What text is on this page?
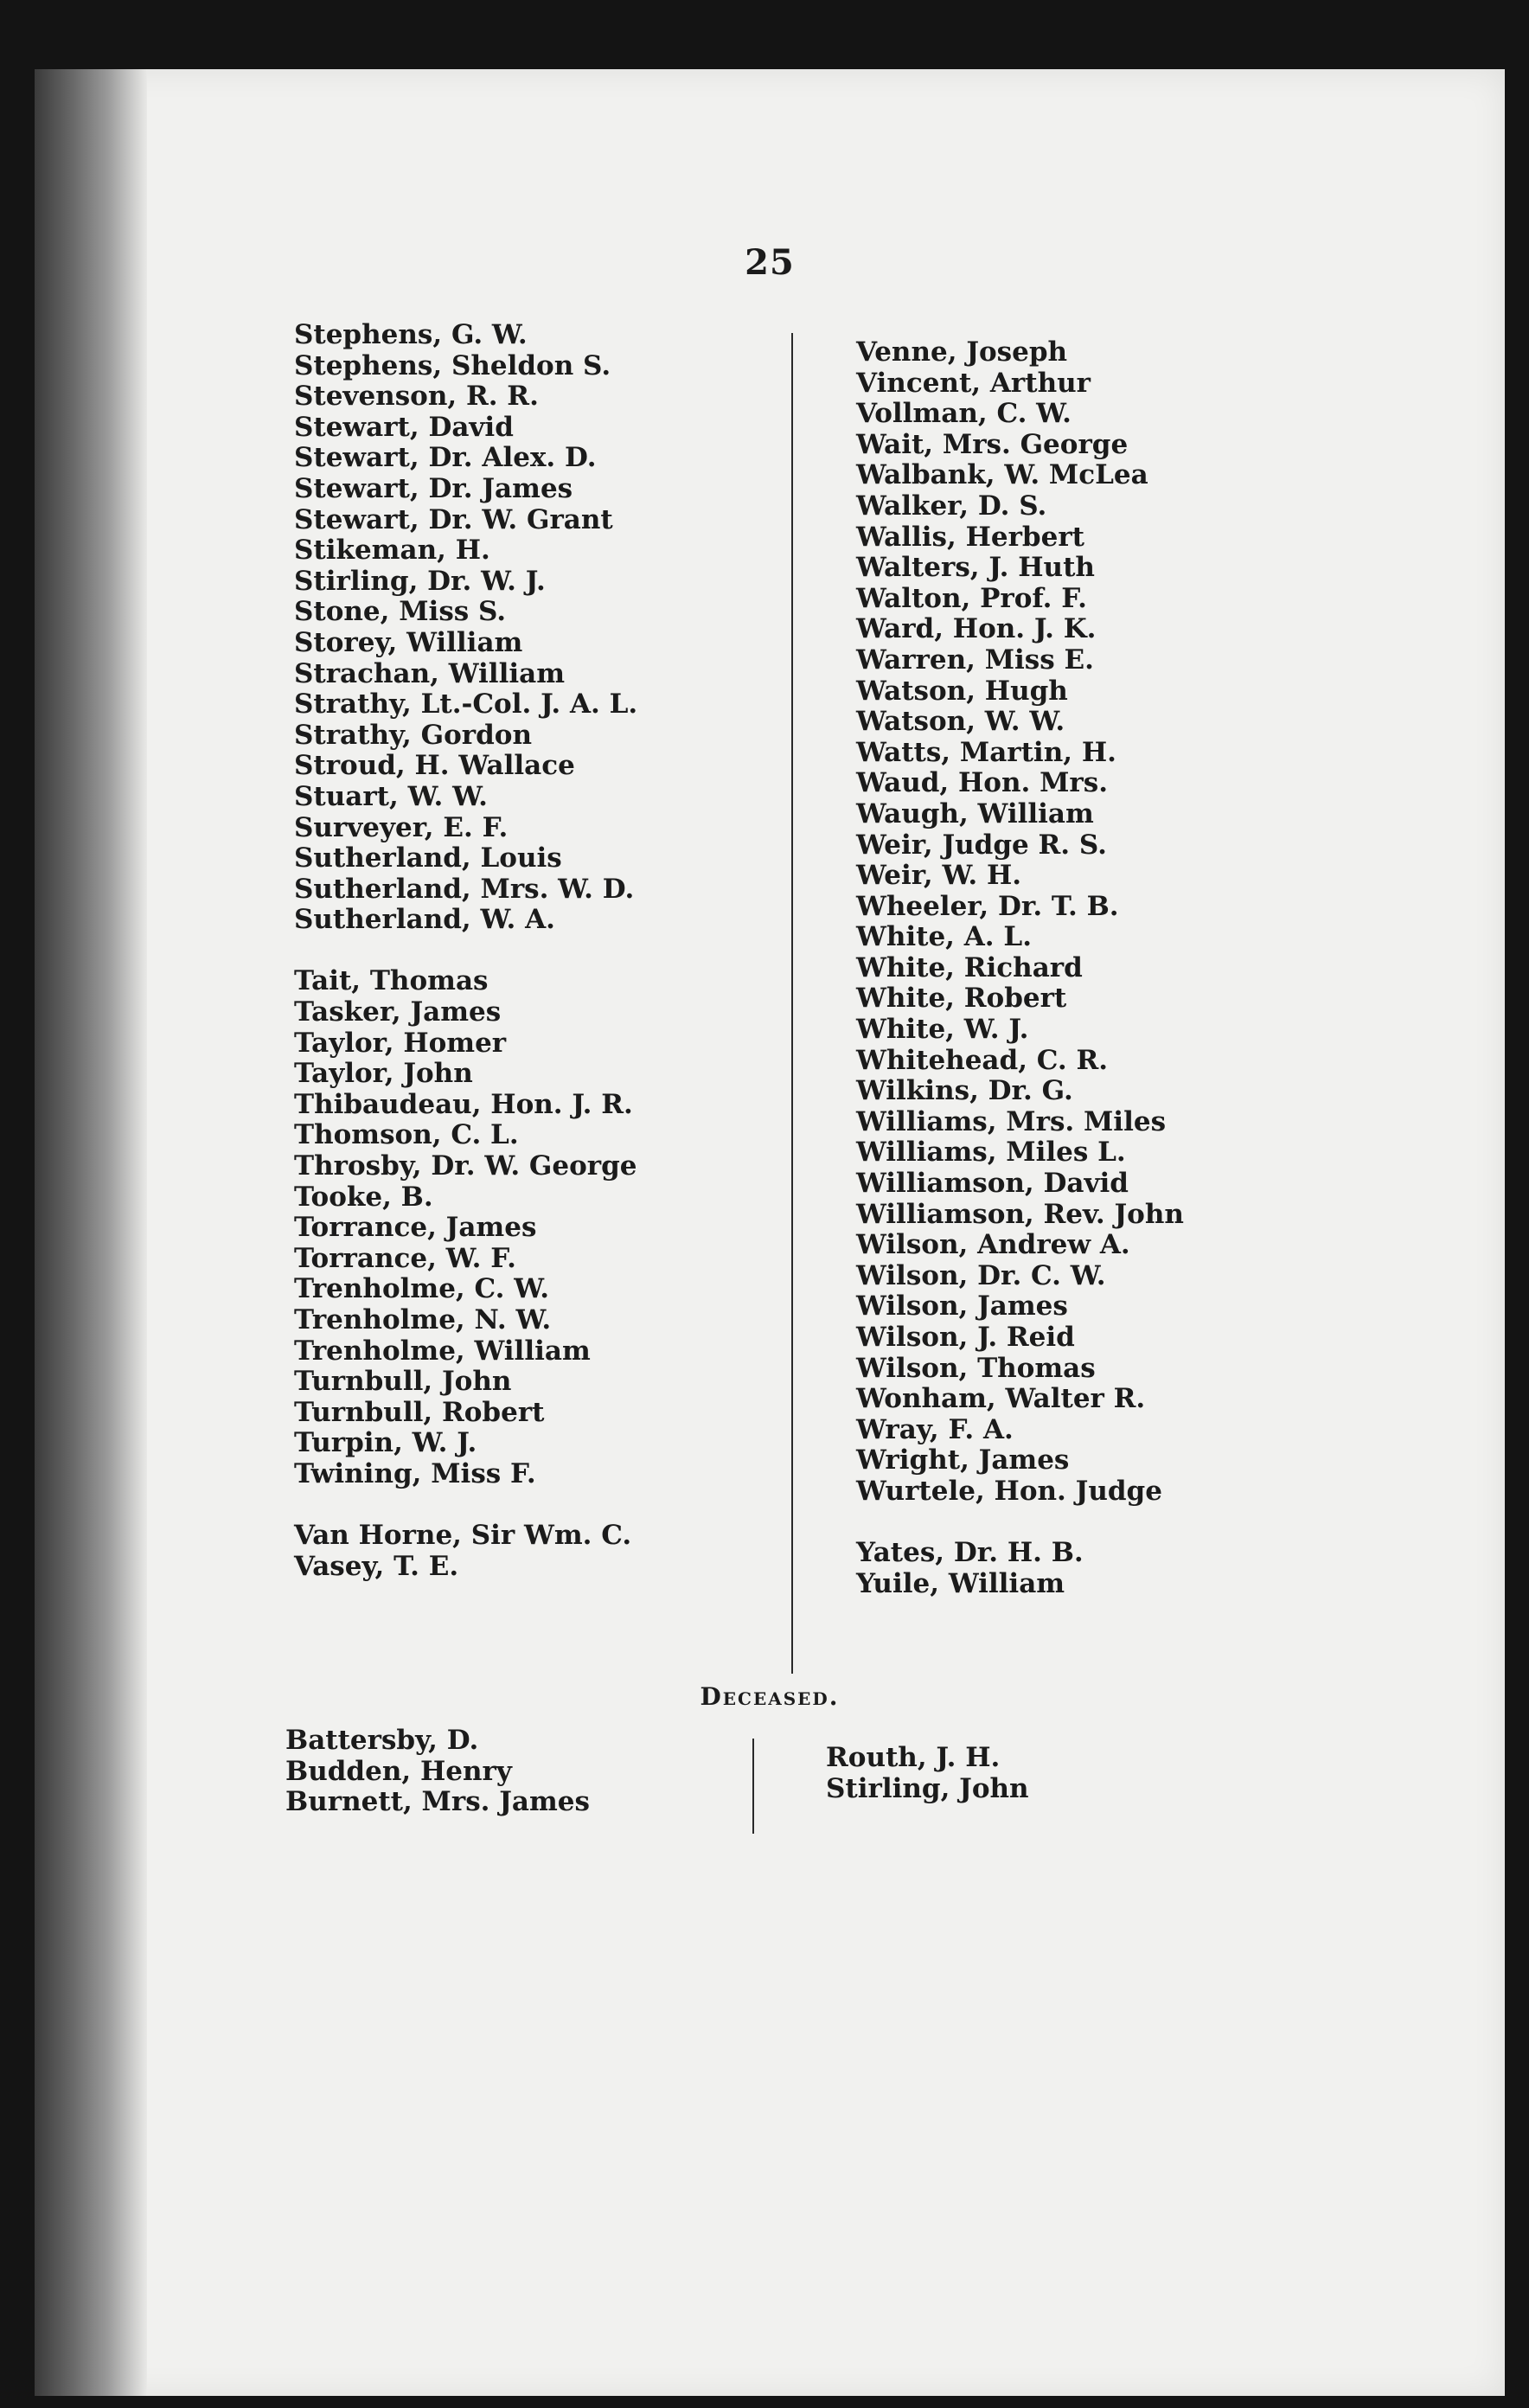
25
Stephens, G. W.
Stephens, Sheldon S.
Stevenson, R. R.
Stewart, David
Stewart, Dr. Alex. D.
Stewart, Dr. James
Stewart, Dr. W. Grant
Stikeman, H.
Stirling, Dr. W. J.
Stone, Miss S.
Storey, William
Strachan, William
Strathy, Lt.-Col. J. A. L.
Strathy, Gordon
Stroud, H. Wallace
Stuart, W. W.
Surveyer, E. F.
Sutherland, Louis
Sutherland, Mrs. W. D.
Sutherland, W. A.
Tait, Thomas
Tasker, James
Taylor, Homer
Taylor, John
Thibaudeau, Hon. J. R.
Thomson, C. L.
Throsby, Dr. W. George
Tooke, B.
Torrance, James
Torrance, W. F.
Trenholme, C. W.
Trenholme, N. W.
Trenholme, William
Turnbull, John
Turnbull, Robert
Turpin, W. J.
Twining, Miss F.
Van Horne, Sir Wm. C.
Vasey, T. E.
Venne, Joseph
Vincent, Arthur
Vollman, C. W.
Wait, Mrs. George
Walbank, W. McLea
Walker, D. S.
Wallis, Herbert
Walters, J. Huth
Walton, Prof. F.
Ward, Hon. J. K.
Warren, Miss E.
Watson, Hugh
Watson, W. W.
Watts, Martin, H.
Waud, Hon. Mrs.
Waugh, William
Weir, Judge R. S.
Weir, W. H.
Wheeler, Dr. T. B.
White, A. L.
White, Richard
White, Robert
White, W. J.
Whitehead, C. R.
Wilkins, Dr. G.
Williams, Mrs. Miles
Williams, Miles L.
Williamson, David
Williamson, Rev. John
Wilson, Andrew A.
Wilson, Dr. C. W.
Wilson, James
Wilson, J. Reid
Wilson, Thomas
Wonham, Walter R.
Wray, F. A.
Wright, James
Wurtele, Hon. Judge
Yates, Dr. H. B.
Yuile, William
Deceased.
Battersby, D.
Budden, Henry
Burnett, Mrs. James
Routh, J. H.
Stirling, John
